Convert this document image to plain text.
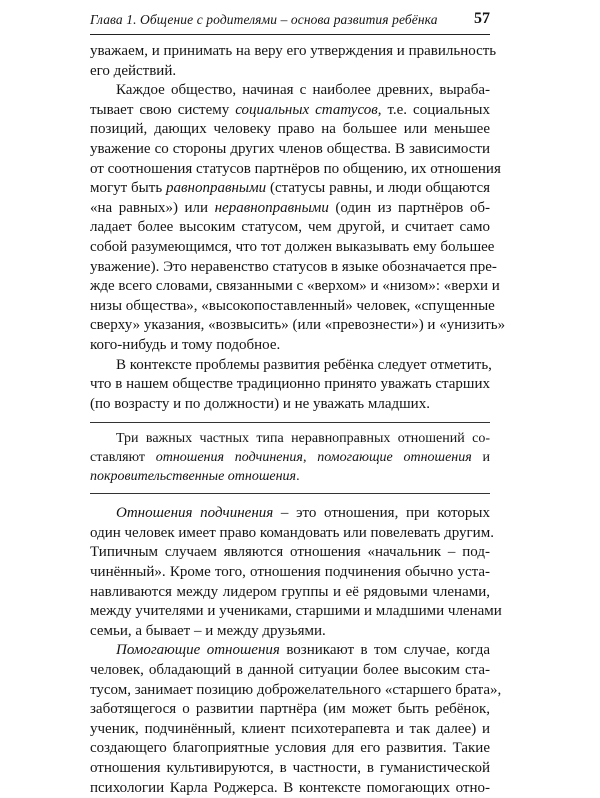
Глава 1. Общение с родителями – основа развития ребёнка 57

уважаем, и принимать на веру его утверждения и правильность
его действий.

Каждое общество, начиная с наиболее древних, выраба-
тывает свою систему социальных статусов, т.е. социальных
позиций, дающих человеку право на большее или меньшее
уважение со стороны других членов общества. В зависимости
от соотношения статусов партнёров по общению, их отношения
могут быть равноправными (статусы равны, и люди общаются
«на равных») или неравноправными (один из партнёров об-
ладает более высоким статусом, чем другой, и считает само
собой разумеющимся, что тот должен выказывать ему большее
уважение). Это неравенство статусов в языке обозначается пре-
жде всего словами, связанными с «верхом» и «низом»: «верхи и
низы общества», «высокопоставленный» человек, «спущенные
сверху» указания, «возвысить» (или «превознести») и «унизить»
кого-нибудь и тому подобное.

В контексте проблемы развития ребёнка следует отметить,
что в нашем обществе традиционно принято уважать старших
(по возрасту и по должности) и не уважать младших.

Три важных частных типа неравноправных отношений со-
ставляют отношения подчинения, помогающие отношения и
покровительственные отношения.

Отношения подчинения – это отношения, при которых
один человек имеет право командовать или повелевать другим.
Типичным случаем являются отношения «начальник – под-
чинённый». Кроме того, отношения подчинения обычно уста-
навливаются между лидером группы и её рядовыми членами,
между учителями и учениками, старшими и младшими членами
семьи, а бывает – и между друзьями.

Помогающие отношения возникают в том случае, когда
человек, обладающий в данной ситуации более высоким ста-
тусом, занимает позицию доброжелательного «старшего брата»,
заботящегося о развитии партнёра (им может быть ребёнок,
ученик, подчинённый, клиент психотерапевта и так далее) и
создающего благоприятные условия для его развития. Такие
отношения культивируются, в частности, в гуманистической
психологии Карла Роджерса. В контексте помогающих отно-
